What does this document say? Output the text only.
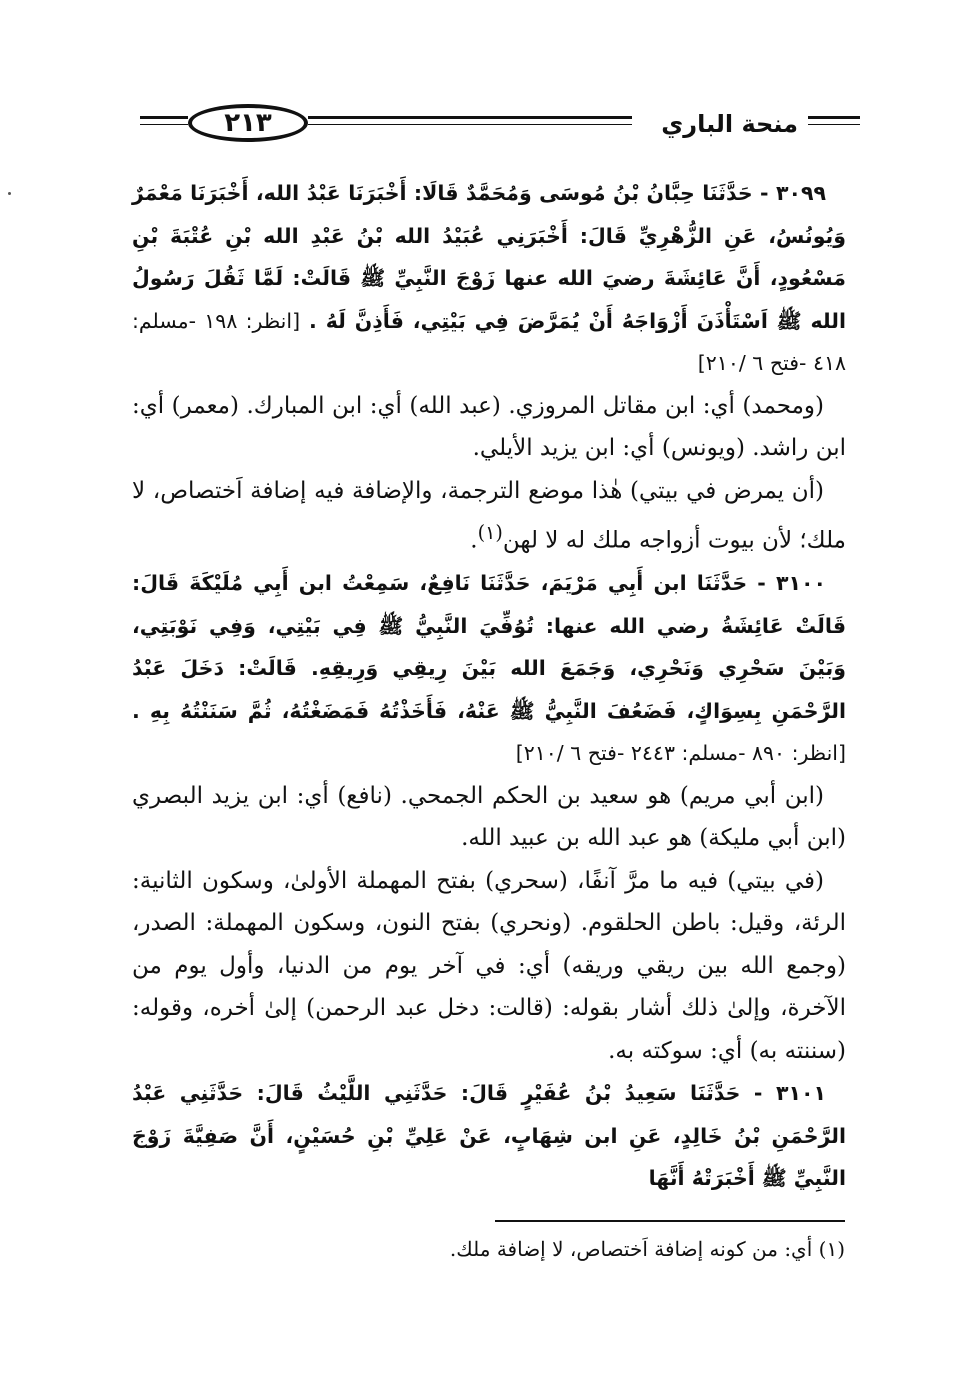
٢١٣	منحة الباري

٣٠٩٩ - حَدَّثَنَا حِبَّانُ بْنُ مُوسَى وَمُحَمَّدٌ قَالَا: أَخْبَرَنَا عَبْدُ الله، أَخْبَرَنَا مَعْمَرٌ وَيُونُسُ، عَنِ الزُّهْرِيِّ قَالَ: أَخْبَرَنِي عُبَيْدُ الله بْنُ عَبْدِ الله بْنِ عُتْبَةَ بْنِ مَسْعُودٍ، أَنَّ عَائِشَةَ رضيَ الله عنها زَوْجَ النَّبِيِّ ﷺ قَالَتْ: لَمَّا ثَقُلَ رَسُولُ الله ﷺ اَسْتَأْذَنَ أَزْوَاجَهُ أَنْ يُمَرَّضَ فِي بَيْتِي، فَأَذِنَّ لَهُ . [انظر: ١٩٨ -مسلم: ٤١٨ -فتح ٦ /٢١٠]

(ومحمد) أي: ابن مقاتل المروزي. (عبد الله) أي: ابن المبارك. (معمر) أي: ابن راشد. (ويونس) أي: ابن يزيد الأيلي.

(أن يمرض في بيتي) هٰذا موضع الترجمة، والإضافة فيه إضافة اَختصاص، لا ملك؛ لأن بيوت أزواجه ملك له لا لهن$^{(١)}$.

٣١٠٠ - حَدَّثَنَا ابن أَبِي مَرْيَمَ، حَدَّثَنَا نَافِعٌ، سَمِعْتُ ابن أَبِي مُلَيْكَةَ قَالَ: قَالَتْ عَائِشَةُ رضي الله عنها: تُوُفِّيَ النَّبِيُّ ﷺ فِي بَيْتِي، وَفِي نَوْبَتِي، وَبَيْنَ سَحْرِي وَنَحْرِي، وَجَمَعَ الله بَيْنَ رِيقِي وَرِيقِهِ. قَالَتْ: دَخَلَ عَبْدُ الرَّحْمَنِ بِسِوَاكٍ، فَضَعُفَ النَّبِيُّ ﷺ عَنْهُ، فَأَخَذْتُهُ فَمَضَغْتُهُ، ثُمَّ سَنَنْتُهُ بِهِ . [انظر: ٨٩٠ -مسلم: ٢٤٤٣ -فتح ٦ /٢١٠]

(ابن أبي مريم) هو سعيد بن الحكم الجمحي. (نافع) أي: ابن يزيد البصري (ابن أبي مليكة) هو عبد الله بن عبيد الله.

(في بيتي) فيه ما مرَّ آنفًا، (سحري) بفتح المهملة الأولىٰ، وسكون الثانية: الرئة، وقيل: باطن الحلقوم. (ونحري) بفتح النون، وسكون المهملة: الصدر، (وجمع الله بين ريقي وريقه) أي: في آخر يوم من الدنيا، وأول يوم من الآخرة، وإلىٰ ذلك أشار بقوله: (قالت: دخل عبد الرحمن) إلىٰ أخره، وقوله: (سننته به) أي: سوكته به.

٣١٠١ - حَدَّثَنَا سَعِيدُ بْنُ عُفَيْرٍ قَالَ: حَدَّثَنِي اللَّيْثُ قَالَ: حَدَّثَنِي عَبْدُ الرَّحْمَنِ بْنُ خَالِدٍ، عَنِ ابن شِهَابٍ، عَنْ عَلِيِّ بْنِ حُسَيْنٍ، أَنَّ صَفِيَّةَ زَوْجَ النَّبِيِّ ﷺ أَخْبَرَتْهُ أَنَّهَا

(١) أي: من كونه إضافة اَختصاص، لا إضافة ملك.
